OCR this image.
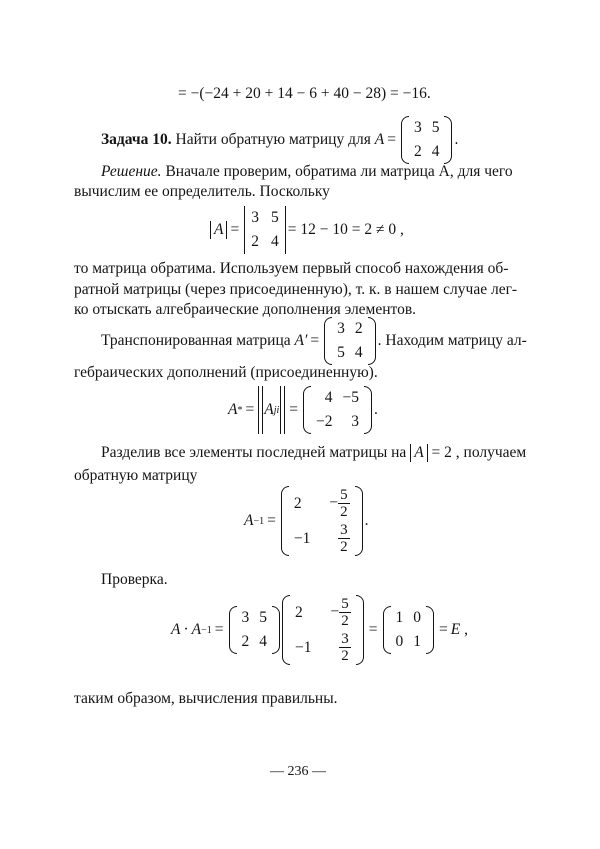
= −(−24 + 20 + 14 − 6 + 40 − 28) = −16.
Задача 10.
Найти обратную матрицу для
A =
3	5
2	4
.
Решение. Вначале проверим, обратима ли матрица A, для чего
вычислим ее определитель. Поскольку
A =
3	5
2	4
= 12 − 10 = 2 ≠ 0 ,
то матрица обратима. Используем первый способ нахождения об-
ратной матрицы (через присоединенную), т. к. в нашем случае лег-
ко отыскать алгебраические дополнения элементов.
Транспонированная матрица
A′ =
3	2
5	4
. Находим матрицу ал-
гебраических дополнений (присоединенную).
A * = A ji =
4	−5
−2	3
.
Разделив все элементы последней матрицы на
A
= 2 , получаем
обратную матрицу
A −1 =
2	− $\frac{5}{2}$

−1	$\frac{3}{2}$
.
Проверка.
A · A −1 =
3	5
2	4
2	− $\frac{5}{2}$

−1	$\frac{3}{2}$
=
1	0
0	1
= E
,
таким образом, вычисления правильны.
— 236 —
